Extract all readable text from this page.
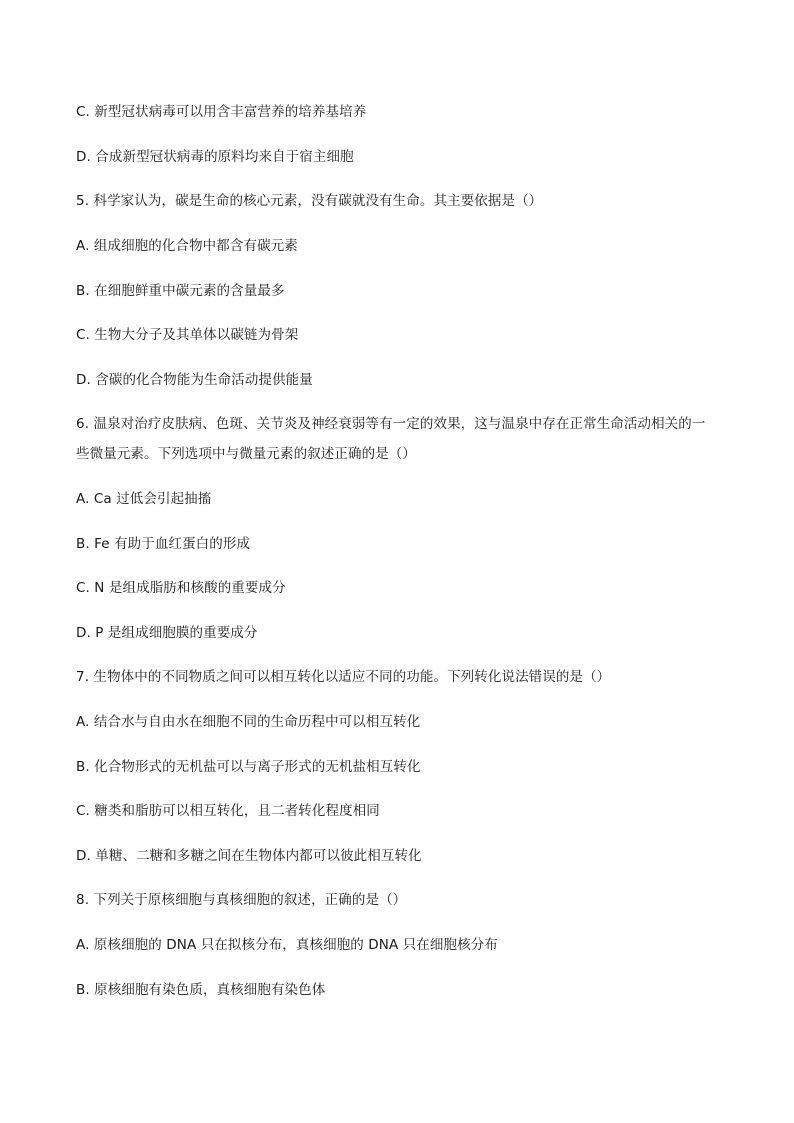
C. 新型冠状病毒可以用含丰富营养的培养基培养
D. 合成新型冠状病毒的原料均来自于宿主细胞
5. 科学家认为，碳是生命的核心元素，没有碳就没有生命。其主要依据是（）
A. 组成细胞的化合物中都含有碳元素
B. 在细胞鲜重中碳元素的含量最多
C. 生物大分子及其单体以碳链为骨架
D. 含碳的化合物能为生命活动提供能量
6. 温泉对治疗皮肤病、色斑、关节炎及神经衰弱等有一定的效果，这与温泉中存在正常生命活动相关的一
些微量元素。下列选项中与微量元素的叙述正确的是（）
A. Ca 过低会引起抽搐
B. Fe 有助于血红蛋白的形成
C. N 是组成脂肪和核酸的重要成分
D. P 是组成细胞膜的重要成分
7. 生物体中的不同物质之间可以相互转化以适应不同的功能。下列转化说法错误的是（）
A. 结合水与自由水在细胞不同的生命历程中可以相互转化
B. 化合物形式的无机盐可以与离子形式的无机盐相互转化
C. 糖类和脂肪可以相互转化，且二者转化程度相同
D. 单糖、二糖和多糖之间在生物体内都可以彼此相互转化
8. 下列关于原核细胞与真核细胞的叙述，正确的是（）
A. 原核细胞的 DNA 只在拟核分布，真核细胞的 DNA 只在细胞核分布
B. 原核细胞有染色质，真核细胞有染色体
